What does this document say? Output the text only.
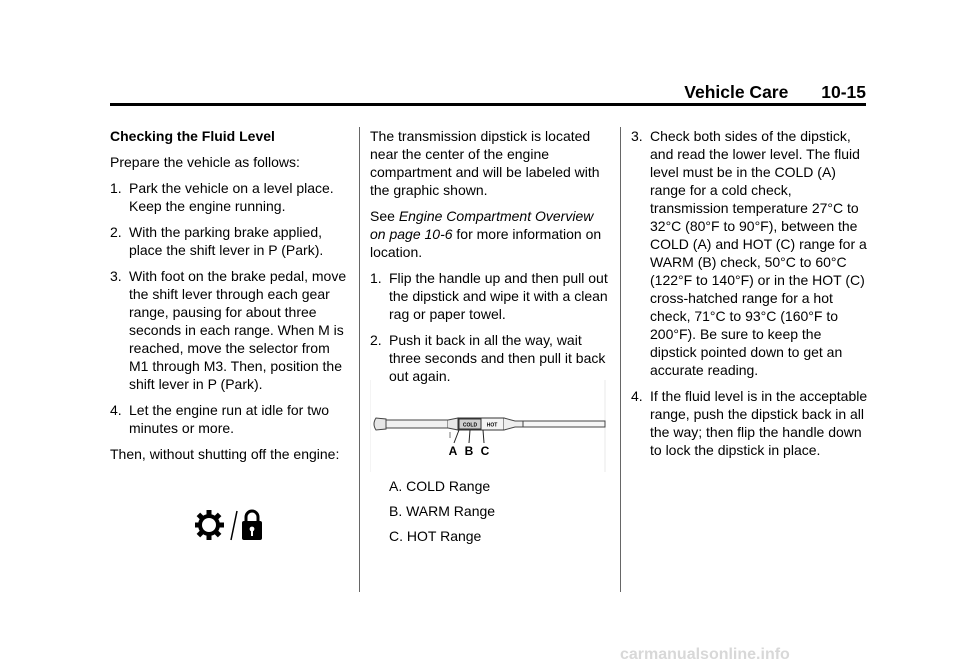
Vehicle Care 10-15

Checking the Fluid Level

Prepare the vehicle as follows:

1. Park the vehicle on a level place. Keep the engine running.
2. With the parking brake applied, place the shift lever in P (Park).
3. With foot on the brake pedal, move the shift lever through each gear range, pausing for about three seconds in each range. When M is reached, move the selector from M1 through M3. Then, position the shift lever in P (Park).
4. Let the engine run at idle for two minutes or more.

Then, without shutting off the engine:

The transmission dipstick is located near the center of the engine compartment and will be labeled with the graphic shown.

See Engine Compartment Overview on page 10-6 for more information on location.

1. Flip the handle up and then pull out the dipstick and wipe it with a clean rag or paper towel.
2. Push it back in all the way, wait three seconds and then pull it back out again.
COLD HOT
A B C
A. COLD Range
B. WARM Range
C. HOT Range
3. Check both sides of the dipstick, and read the lower level. The fluid level must be in the COLD (A) range for a cold check, transmission temperature 27°C to 32°C (80°F to 90°F), between the COLD (A) and HOT (C) range for a WARM (B) check, 50°C to 60°C (122°F to 140°F) or in the HOT (C) cross-hatched range for a hot check, 71°C to 93°C (160°F to 200°F). Be sure to keep the dipstick pointed down to get an accurate reading.
4. If the fluid level is in the acceptable range, push the dipstick back in all the way; then flip the handle down to lock the dipstick in place.
carmanualsonline.info
